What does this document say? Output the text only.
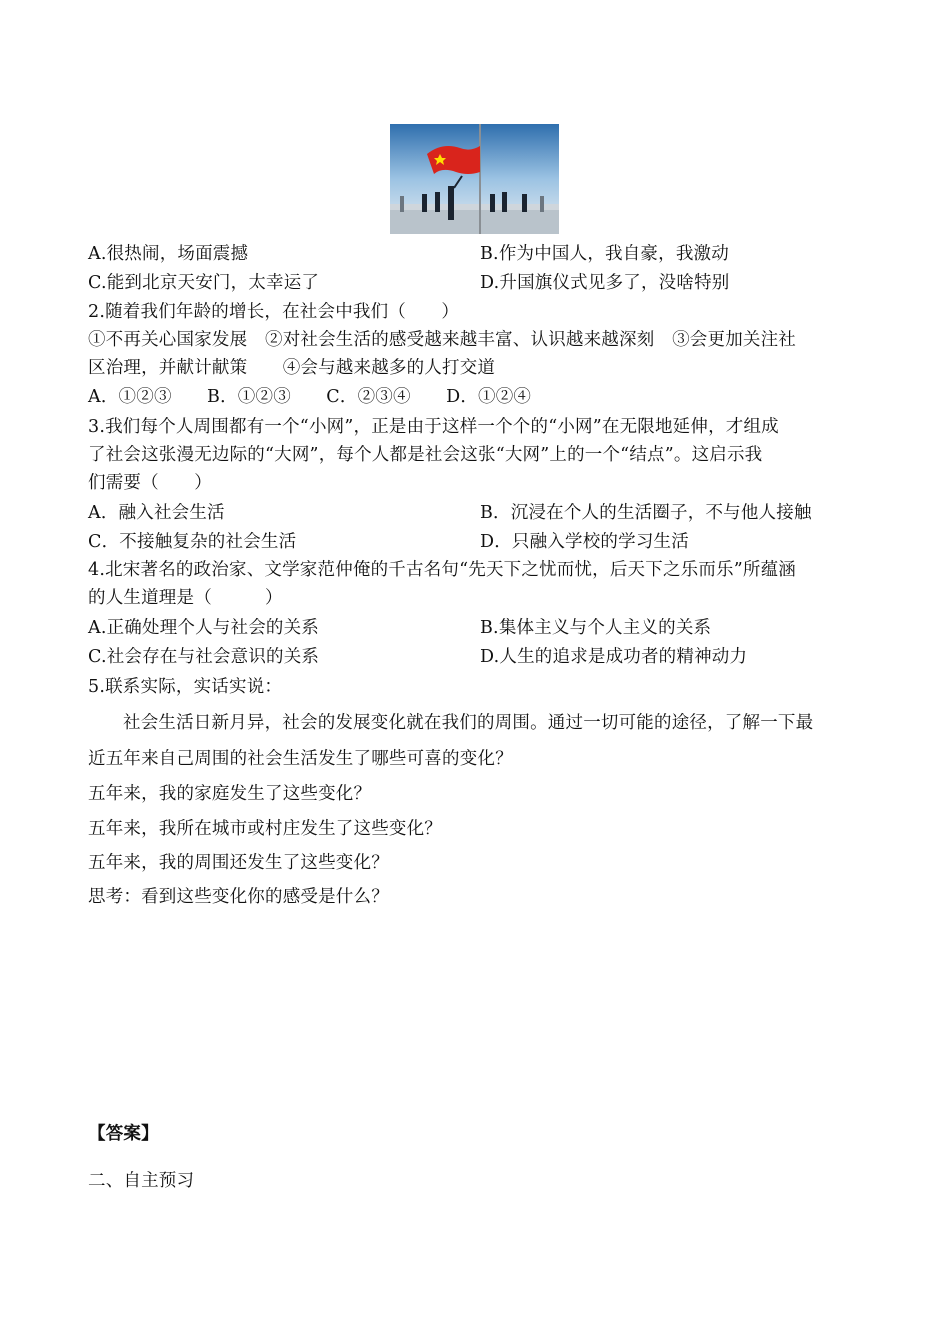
A.很热闹，场面震撼	B.作为中国人，我自豪，我激动
C.能到北京天安门，太幸运了	D.升国旗仪式见多了，没啥特别
2.随着我们年龄的增长，在社会中我们（　　）
①不再关心国家发展　②对社会生活的感受越来越丰富、认识越来越深刻　③会更加关注社
区治理，并献计献策　　④会与越来越多的人打交道
A．①②③　　B．①②③　　C．②③④　　D．①②④
3.我们每个人周围都有一个“小网”，正是由于这样一个个的“小网”在无限地延伸，才组成
了社会这张漫无边际的“大网”，每个人都是社会这张“大网”上的一个“结点”。这启示我
们需要（　　）
A．融入社会生活	B．沉浸在个人的生活圈子，不与他人接触
C．不接触复杂的社会生活	D．只融入学校的学习生活
4.北宋著名的政治家、文学家范仲俺的千古名句“先天下之忧而忧，后天下之乐而乐”所蕴涵
的人生道理是（　　　）
A.正确处理个人与社会的关系	B.集体主义与个人主义的关系
C.社会存在与社会意识的关系	D.人生的追求是成功者的精神动力
5.联系实际，实话实说：
社会生活日新月异，社会的发展变化就在我们的周围。通过一切可能的途径，了解一下最
近五年来自己周围的社会生活发生了哪些可喜的变化？
五年来，我的家庭发生了这些变化？
五年来，我所在城市或村庄发生了这些变化？
五年来，我的周围还发生了这些变化？
思考：看到这些变化你的感受是什么？
【答案】
二、自主预习
